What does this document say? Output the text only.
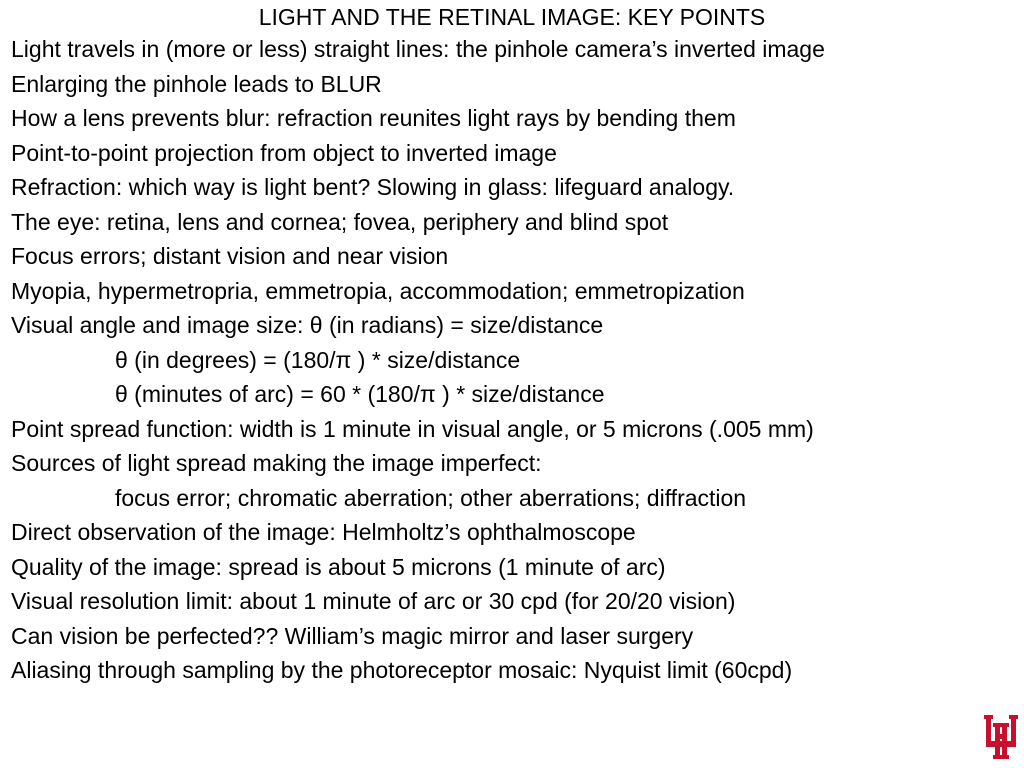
LIGHT AND THE RETINAL IMAGE: KEY POINTS
Light travels in (more or less) straight lines: the pinhole camera’s inverted image
Enlarging the pinhole leads to BLUR
How a lens prevents blur: refraction reunites light rays by bending them
Point-to-point projection from object to inverted image
Refraction: which way is light bent? Slowing in glass: lifeguard analogy.
The eye: retina, lens and cornea; fovea, periphery and blind spot
Focus errors; distant vision and near vision
Myopia, hypermetropria, emmetropia, accommodation; emmetropization
Visual angle and image size: θ (in radians) = size/distance
θ (in degrees) = (180/π ) * size/distance
θ (minutes of arc) = 60 * (180/π ) * size/distance
Point spread function: width is 1 minute in visual angle, or 5 microns (.005 mm)
Sources of light spread making the image imperfect:
focus error; chromatic aberration; other aberrations; diffraction
Direct observation of the image: Helmholtz’s ophthalmoscope
Quality of the image: spread is about 5 microns (1 minute of arc)
Visual resolution limit: about 1 minute of arc or 30 cpd (for 20/20 vision)
Can vision be perfected?? William’s magic mirror and laser surgery
Aliasing through sampling by the photoreceptor mosaic: Nyquist limit (60cpd)
